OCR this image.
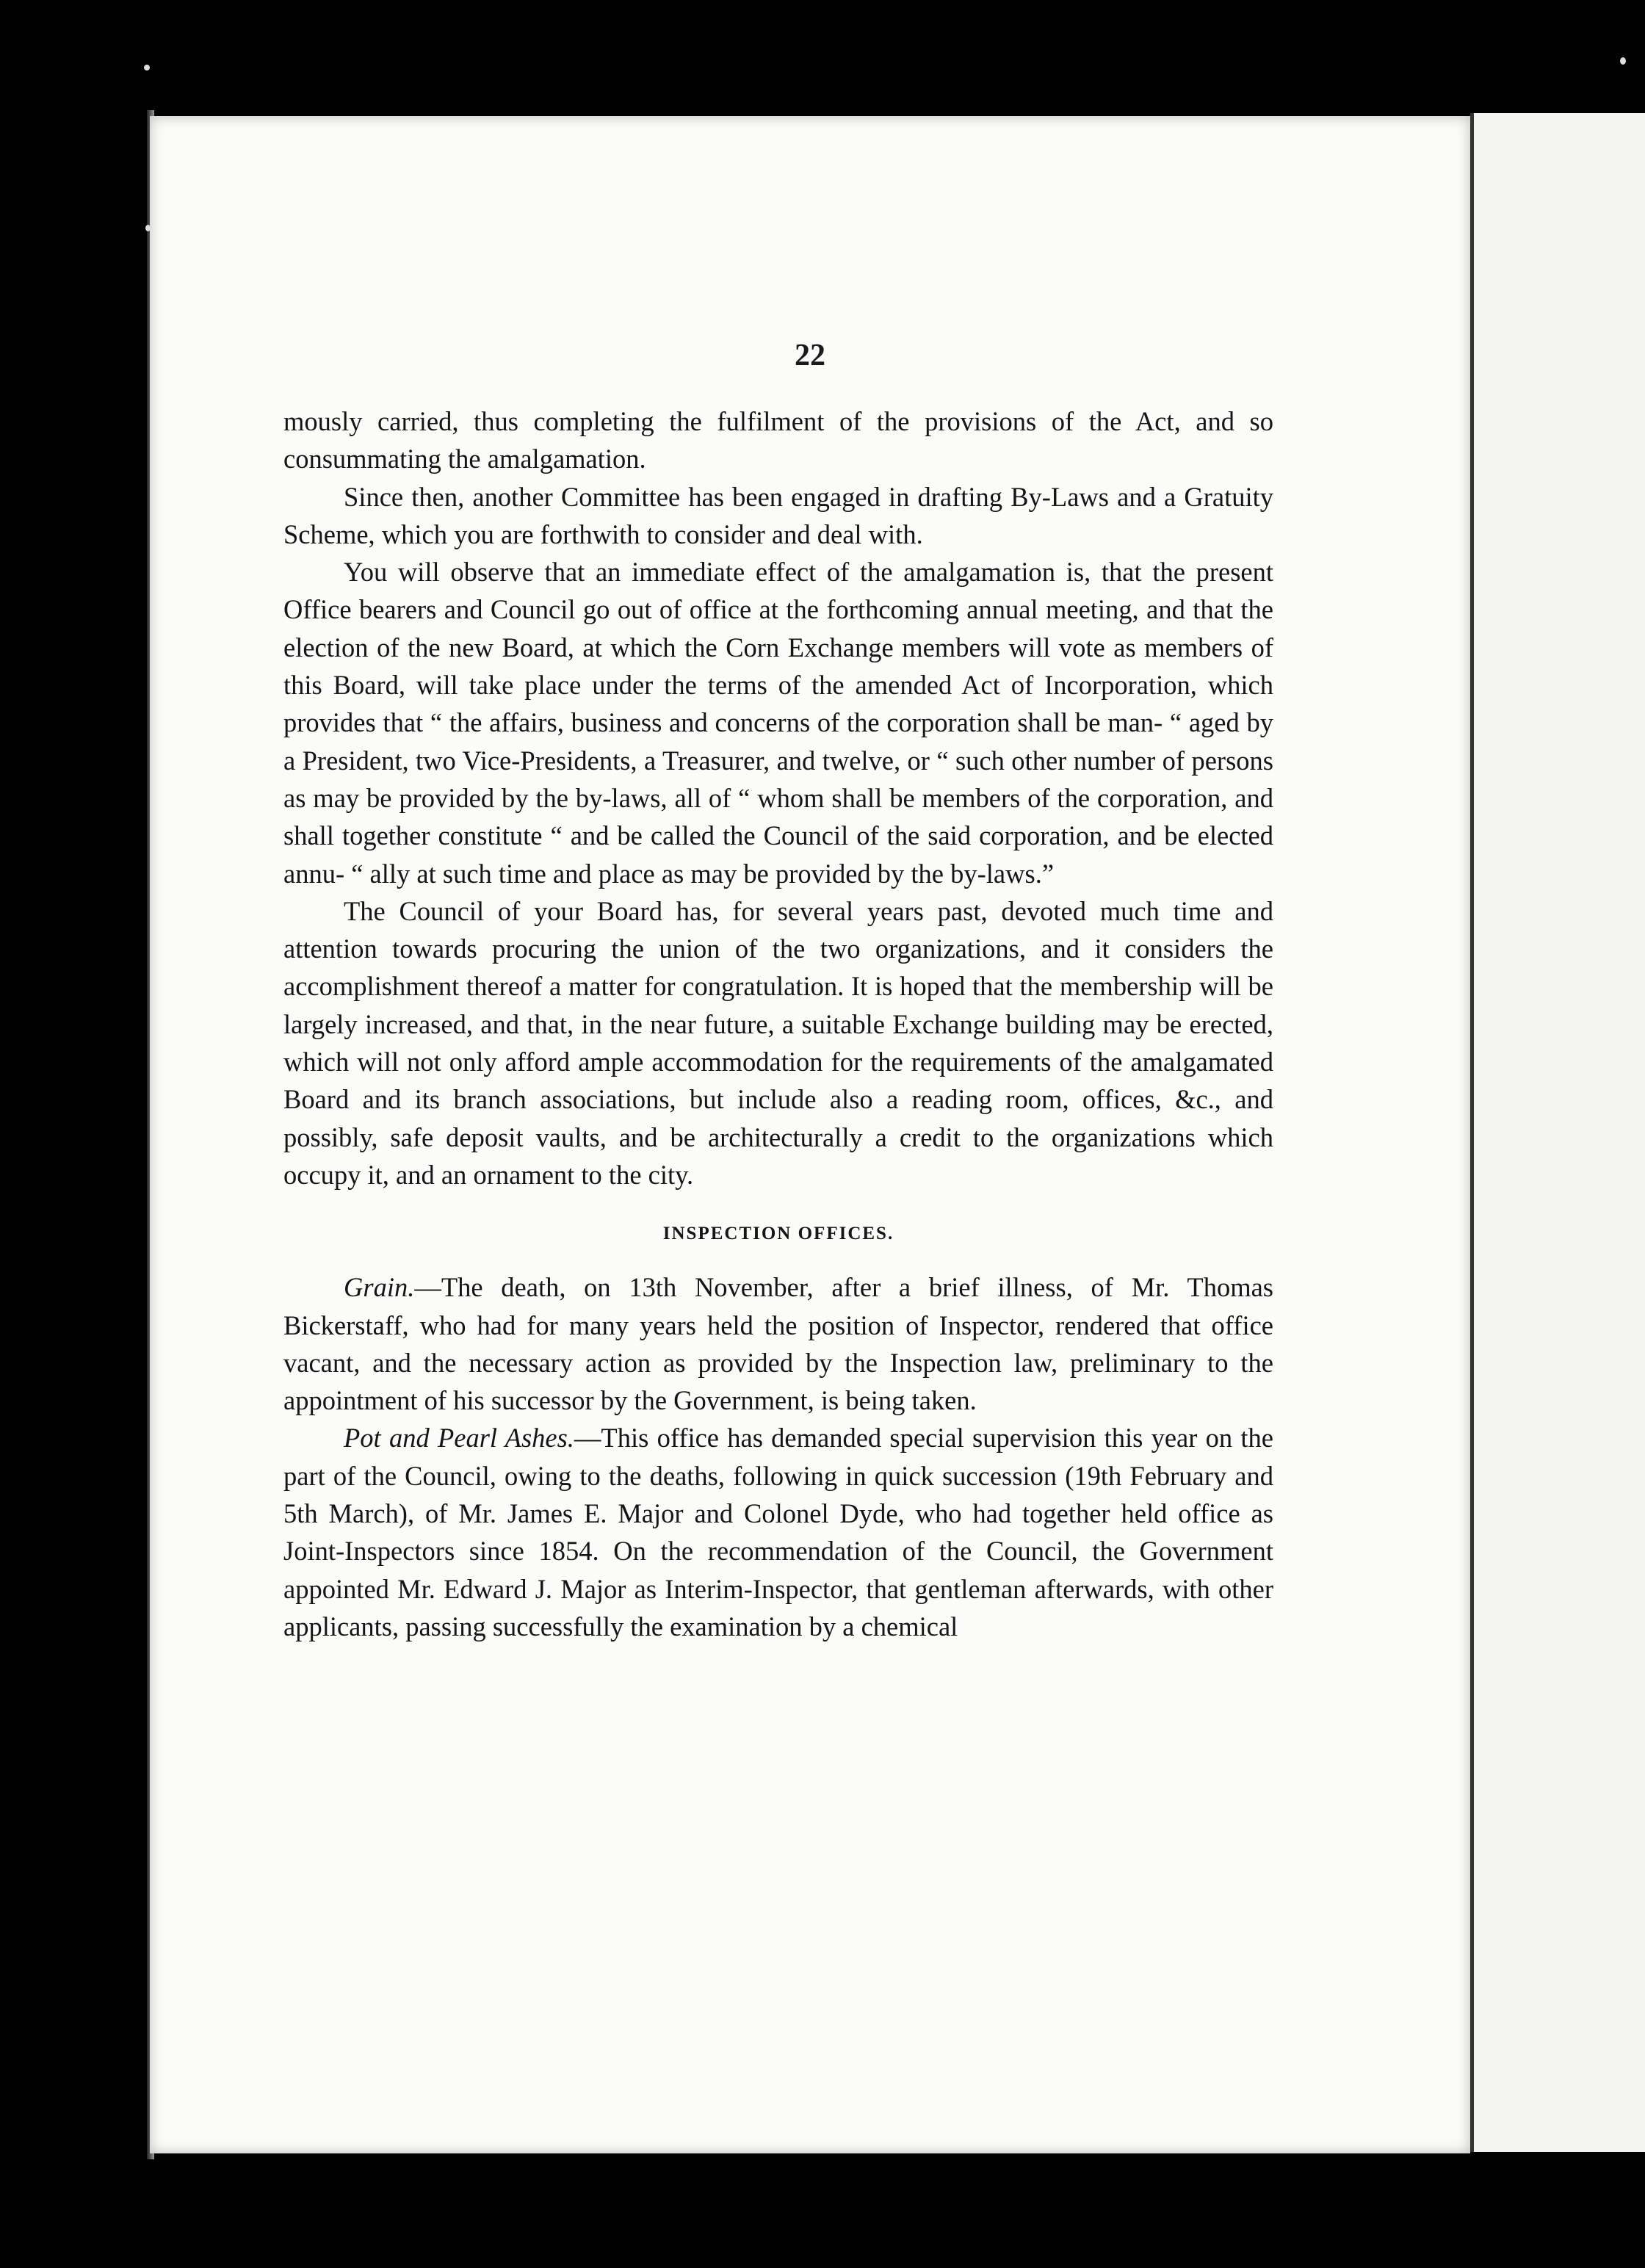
22

mously carried, thus completing the fulfilment of the provisions of the Act, and so consummating the amalgamation.

Since then, another Committee has been engaged in drafting By-Laws and a Gratuity Scheme, which you are forthwith to consider and deal with.

You will observe that an immediate effect of the amalgamation is, that the present Office bearers and Council go out of office at the forthcoming annual meeting, and that the election of the new Board, at which the Corn Exchange members will vote as members of this Board, will take place under the terms of the amended Act of Incorporation, which provides that “ the affairs, business and concerns of the corporation shall be man- “ aged by a President, two Vice-Presidents, a Treasurer, and twelve, or “ such other number of persons as may be provided by the by-laws, all of “ whom shall be members of the corporation, and shall together constitute “ and be called the Council of the said corporation, and be elected annu- “ ally at such time and place as may be provided by the by-laws.”

The Council of your Board has, for several years past, devoted much time and attention towards procuring the union of the two organizations, and it considers the accomplishment thereof a matter for congratulation. It is hoped that the membership will be largely increased, and that, in the near future, a suitable Exchange building may be erected, which will not only afford ample accommodation for the requirements of the amalgamated Board and its branch associations, but include also a reading room, offices, &c., and possibly, safe deposit vaults, and be architecturally a credit to the organizations which occupy it, and an ornament to the city.

INSPECTION OFFICES.

Grain.—The death, on 13th November, after a brief illness, of Mr. Thomas Bickerstaff, who had for many years held the position of Inspector, rendered that office vacant, and the necessary action as provided by the Inspection law, preliminary to the appointment of his successor by the Government, is being taken.

Pot and Pearl Ashes.—This office has demanded special supervision this year on the part of the Council, owing to the deaths, following in quick succession (19th February and 5th March), of Mr. James E. Major and Colonel Dyde, who had together held office as Joint-Inspectors since 1854. On the recommendation of the Council, the Government appointed Mr. Edward J. Major as Interim-Inspector, that gentleman afterwards, with other applicants, passing successfully the examination by a chemical
